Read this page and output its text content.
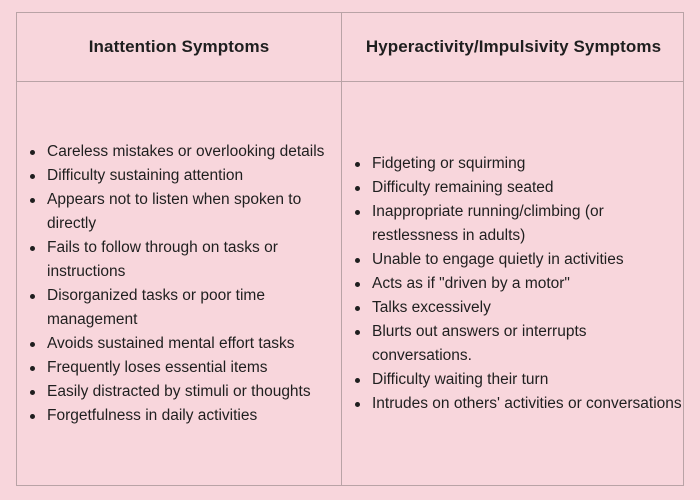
Inattention Symptoms	Hyperactivity/Impulsivity Symptoms
Careless mistakes or overlooking details
Difficulty sustaining attention
Appears not to listen when spoken to directly
Fails to follow through on tasks or instructions
Disorganized tasks or poor time management
Avoids sustained mental effort tasks
Frequently loses essential items
Easily distracted by stimuli or thoughts
Forgetfulness in daily activities
Fidgeting or squirming
Difficulty remaining seated
Inappropriate running/climbing (or restlessness in adults)
Unable to engage quietly in activities
Acts as if "driven by a motor"
Talks excessively
Blurts out answers or interrupts conversations.
Difficulty waiting their turn
Intrudes on others' activities or conversations
